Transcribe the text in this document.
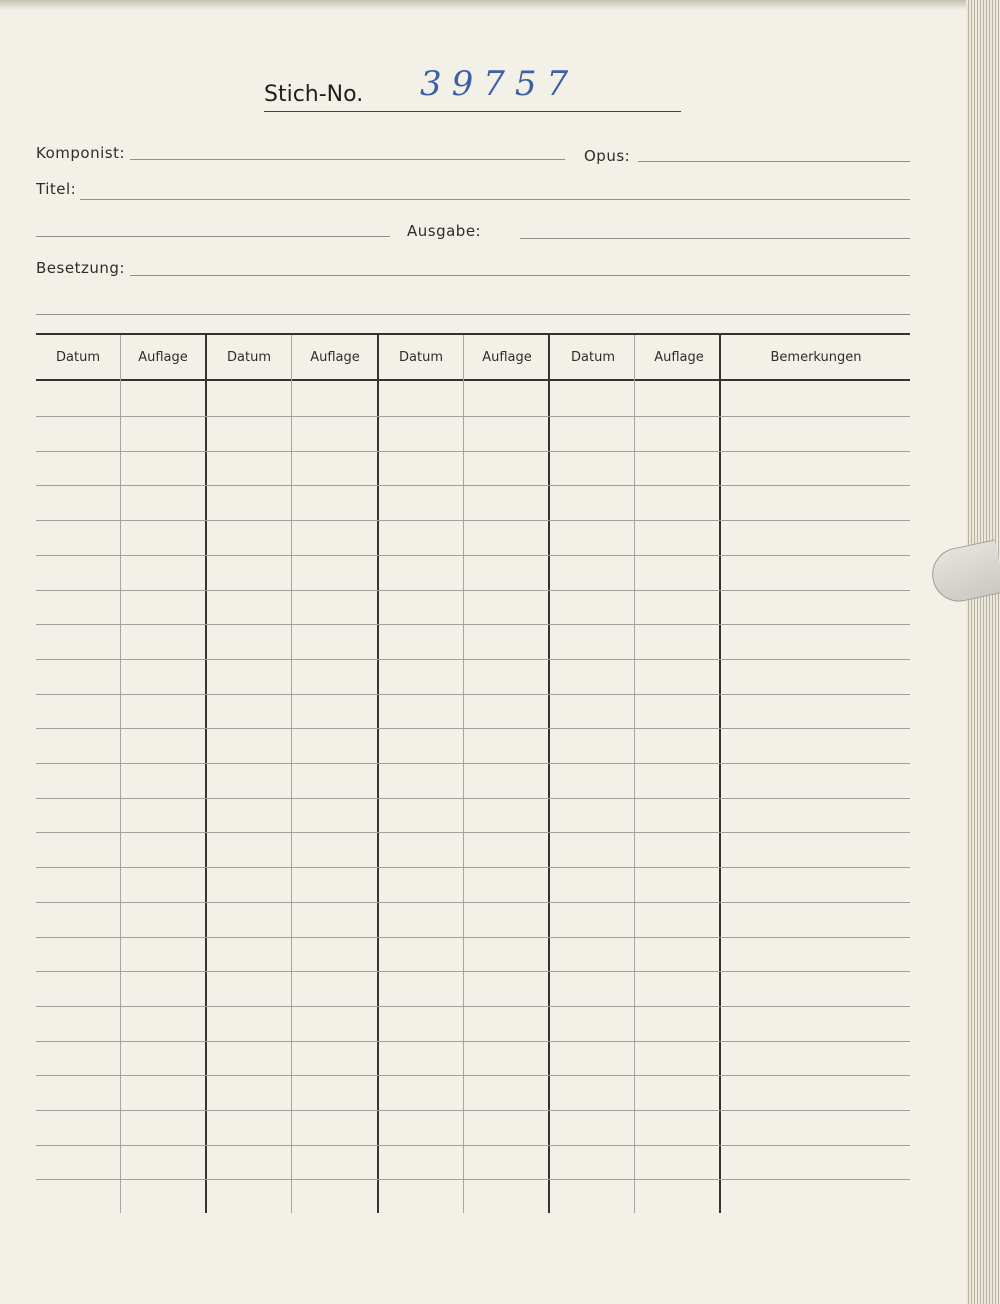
Stich-No. 39757
Komponist:	Opus:
Titel:
Ausgabe:
Besetzung:
Datum	Auflage	Datum	Auflage	Datum	Auflage	Datum	Auflage	Bemerkungen
